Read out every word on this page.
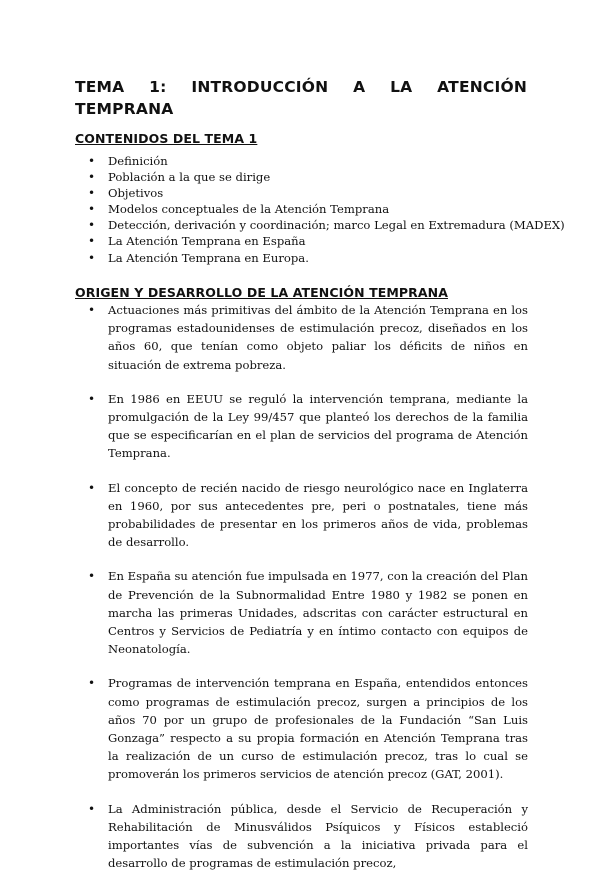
TEMA 1: INTRODUCCIÓN A LA ATENCIÓN
TEMPRANA
CONTENIDOS DEL TEMA 1
• Definición
• Población a la que se dirige
• Objetivos
• Modelos conceptuales de la Atención Temprana
• Detección, derivación y coordinación; marco Legal en Extremadura (MADEX)
• La Atención Temprana en España
• La Atención Temprana en Europa.
ORIGEN Y DESARROLLO DE LA ATENCIÓN TEMPRANA
• Actuaciones más primitivas del ámbito de la Atención Temprana en los programas estadounidenses de estimulación precoz, diseñados en los años 60, que tenían como objeto paliar los déficits de niños en situación de extrema pobreza.
• En 1986 en EEUU se reguló la intervención temprana, mediante la promulgación de la Ley 99/457 que planteó los derechos de la familia que se especificarían en el plan de servicios del programa de Atención Temprana.
• El concepto de recién nacido de riesgo neurológico nace en Inglaterra en 1960, por sus antecedentes pre, peri o postnatales, tiene más probabilidades de presentar en los primeros años de vida, problemas de desarrollo.
• En España su atención fue impulsada en 1977, con la creación del Plan de Prevención de la Subnormalidad Entre 1980 y 1982 se ponen en marcha las primeras Unidades, adscritas con carácter estructural en Centros y Servicios de Pediatría y en íntimo contacto con equipos de Neonatología.
• Programas de intervención temprana en España, entendidos entonces como programas de estimulación precoz, surgen a principios de los años 70 por un grupo de profesionales de la Fundación “San Luis Gonzaga” respecto a su propia formación en Atención Temprana tras la realización de un curso de estimulación precoz, tras lo cual se promoverán los primeros servicios de atención precoz (GAT, 2001).
• La Administración pública, desde el Servicio de Recuperación y Rehabilitación de Minusválidos Psíquicos y Físicos estableció importantes vías de subvención a la iniciativa privada para el desarrollo de programas de estimulación precoz,
